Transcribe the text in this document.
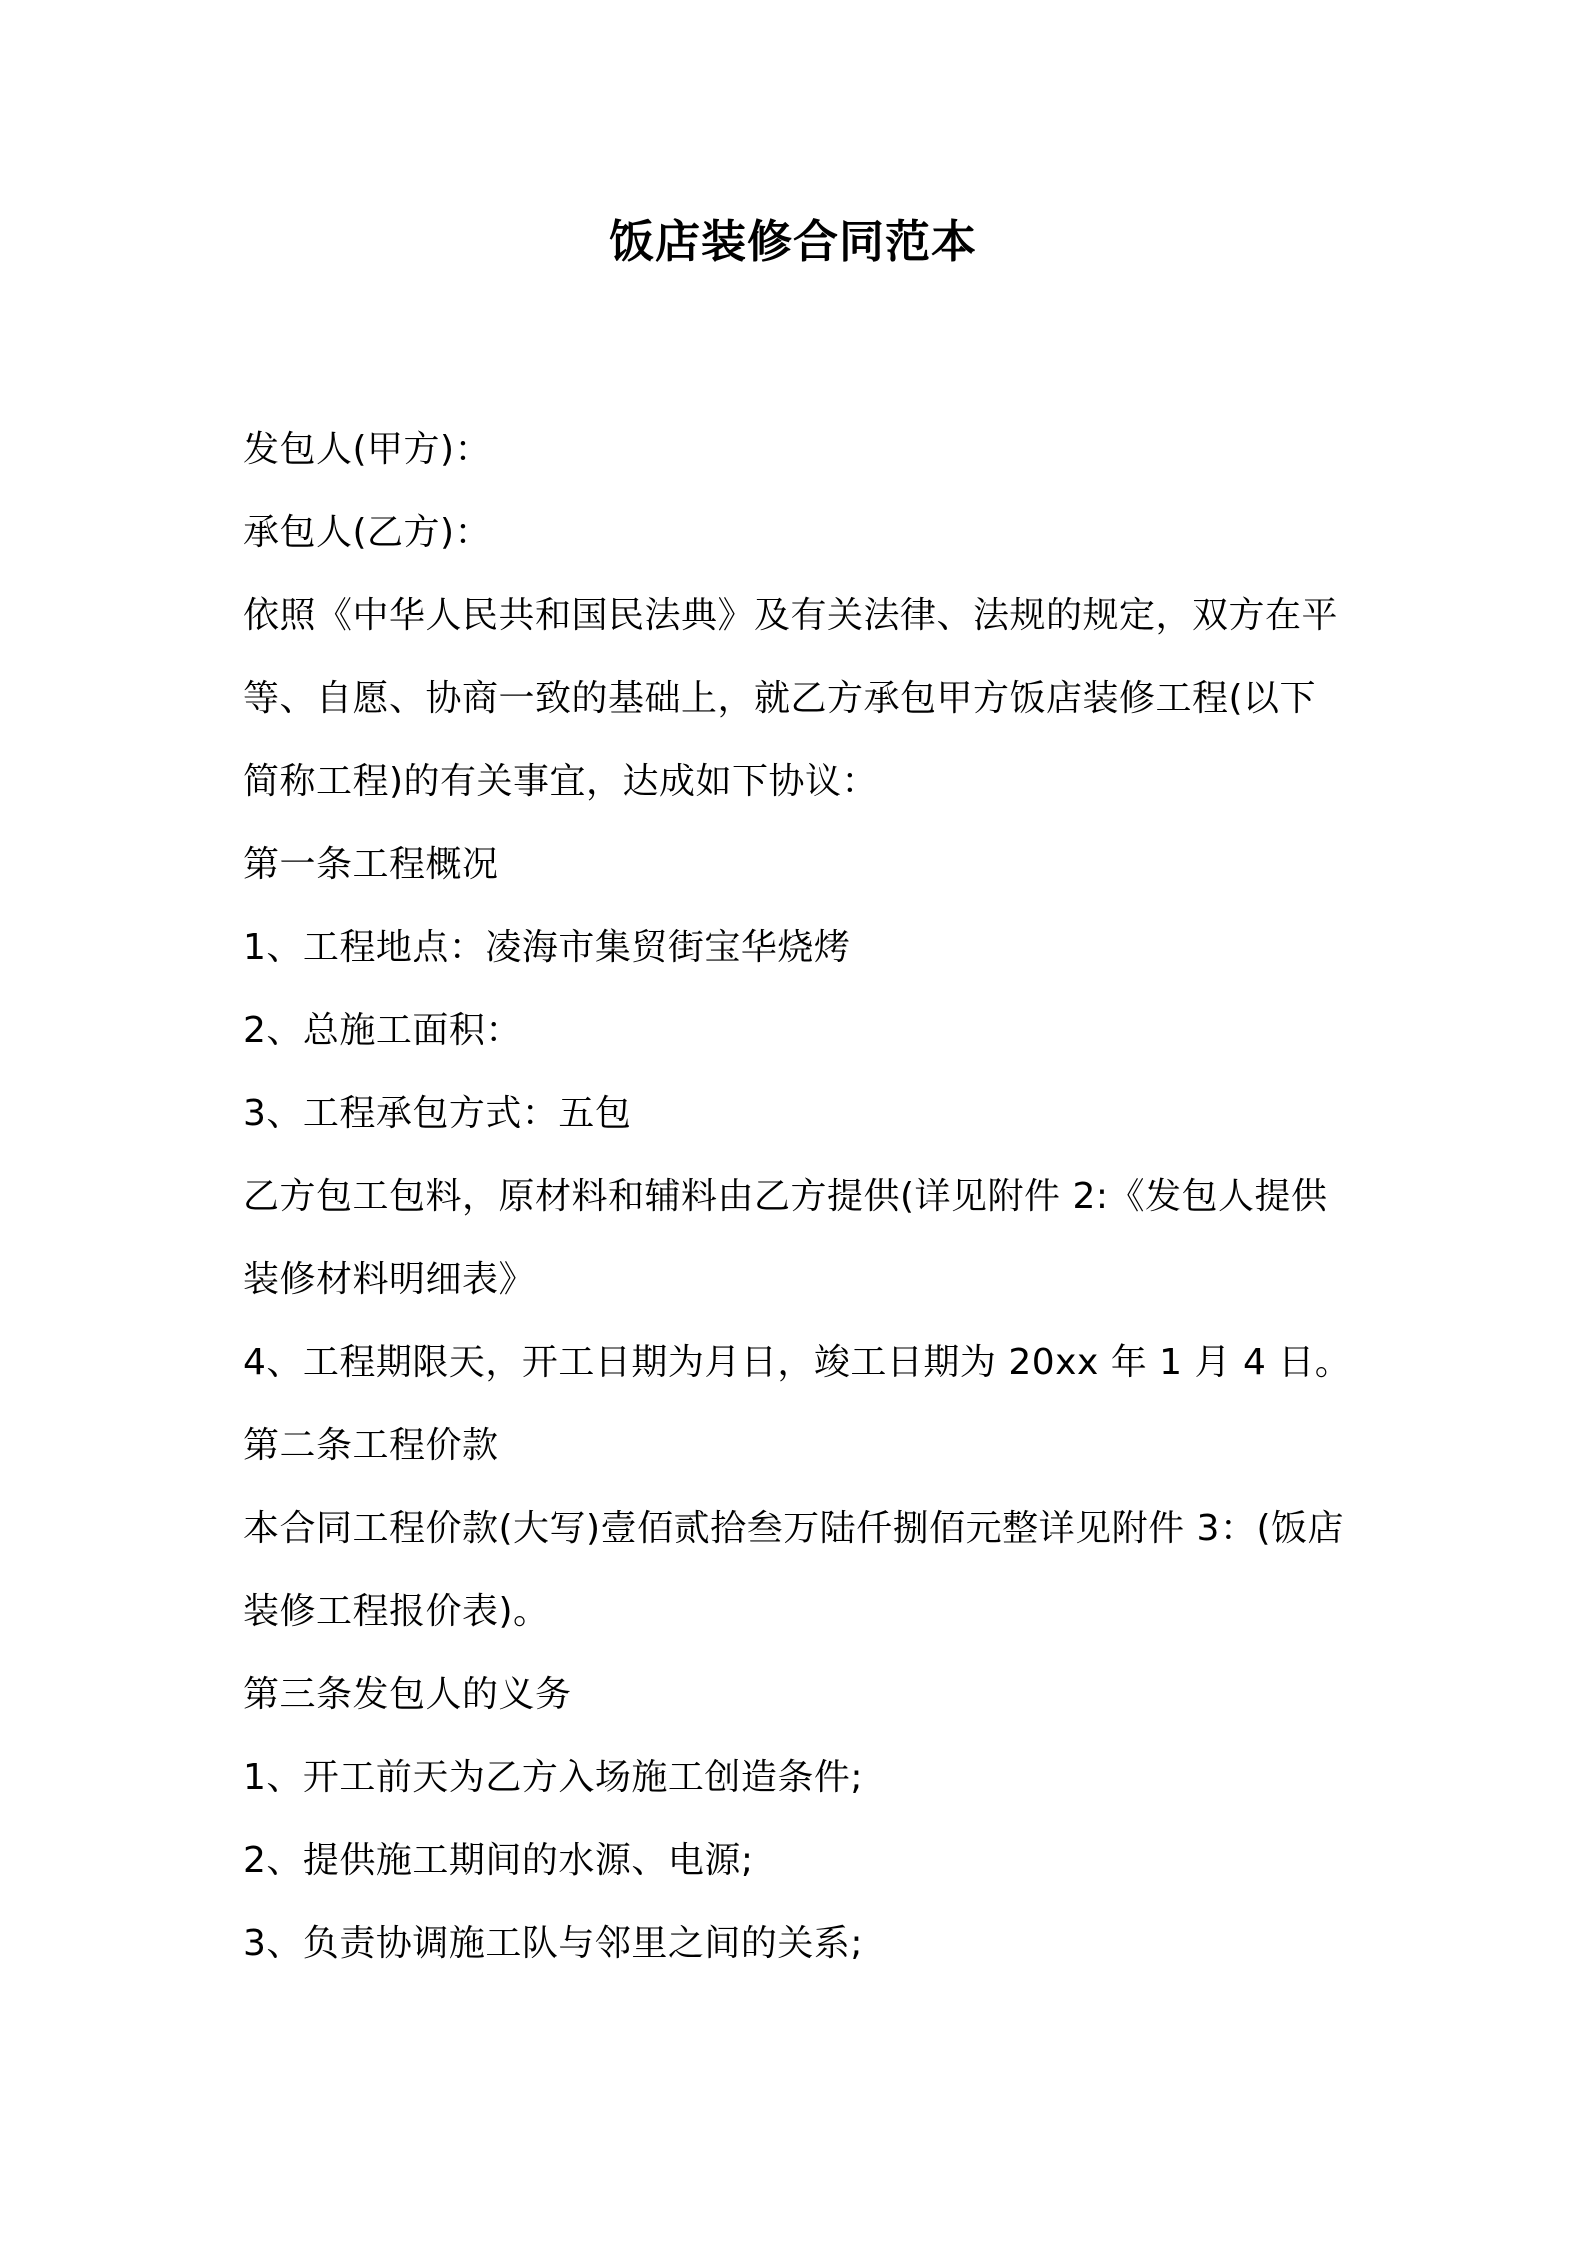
饭店装修合同范本
发包人(甲方)：
承包人(乙方)：
依照《中华人民共和国民法典》及有关法律、法规的规定，双方在平
等、自愿、协商一致的基础上，就乙方承包甲方饭店装修工程(以下
简称工程)的有关事宜，达成如下协议：
第一条工程概况
1、工程地点：凌海市集贸街宝华烧烤
2、总施工面积：
3、工程承包方式：五包
乙方包工包料，原材料和辅料由乙方提供(详见附件 2:《发包人提供
装修材料明细表》
4、工程期限天，开工日期为月日，竣工日期为 20xx 年 1 月 4 日。
第二条工程价款
本合同工程价款(大写)壹佰贰拾叁万陆仟捌佰元整详见附件 3：(饭店
装修工程报价表)。
第三条发包人的义务
1、开工前天为乙方入场施工创造条件;
2、提供施工期间的水源、电源;
3、负责协调施工队与邻里之间的关系;
